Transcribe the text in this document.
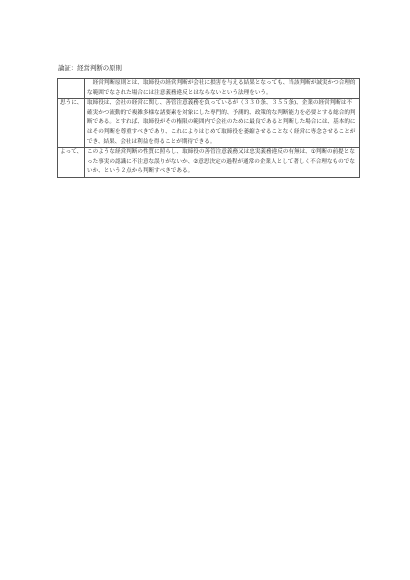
論証：経営判断の原則
	　経営判断原則とは、取締役の経営判断が会社に損害を与える結果となっても、当該判断が誠実かつ合理的な範囲でなされた場合には注意義務違反とはならないという法理をいう。
思うに、	取締役は、会社の経営に関し、善管注意義務を負っているが（３３０条、３５５条)、企業の経営判断は不確実かつ流動的で複雑多様な諸要素を対象にした専門的、予測的、政策的な判断能力を必要とする総合的判断である。とすれば、取締役がその権限の範囲内で会社のために最良であると判断した場合には、基本的にはその判断を尊重すべきであり、これによりはじめて取締役を萎縮させることなく経営に専念させることができ、結果、会社は利益を得ることが期待できる。
よって、	このような経営判断の性質に照らし、取締役の善管注意義務又は忠実義務違反の有無は、①判断の前提となった事実の認識に不注意な誤りがないか、②意思決定の過程が通常の企業人として著しく不合理なものでないか、という２点から判断すべきである。
